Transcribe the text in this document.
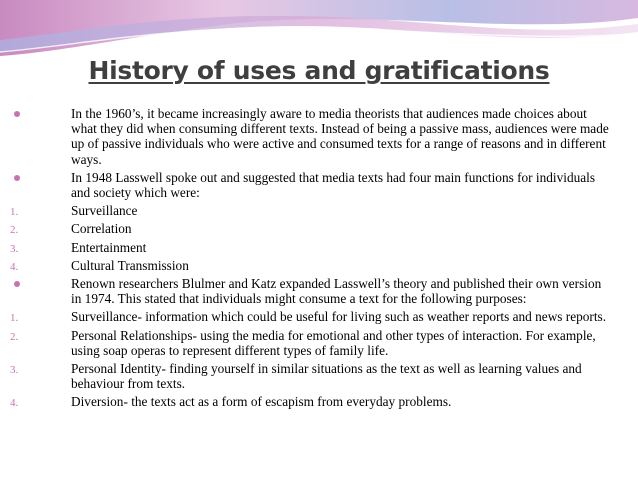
History of uses and gratifications
In the 1960’s, it became increasingly aware to media theorists that audiences made choices about what they did when consuming different texts. Instead of being a passive mass, audiences were made up of passive individuals who were active and consumed texts for a range of reasons and in different ways.
In 1948 Lasswell spoke out and suggested that media texts had four main functions for individuals and society which were:
1.	Surveillance
2.	Correlation
3.	Entertainment
4.	Cultural Transmission
Renown researchers Blulmer and Katz expanded Lasswell’s theory and published their own version in 1974. This stated that individuals might consume a text for the following purposes:
1.	Surveillance- information which could be useful for living such as weather reports and news reports.
2.	Personal Relationships- using the media for emotional and other types of interaction. For example, using soap operas to represent different types of family life.
3.	Personal Identity- finding yourself in similar situations as the text as well as learning values and behaviour from texts.
4.	Diversion- the texts act as a form of escapism from everyday problems.
